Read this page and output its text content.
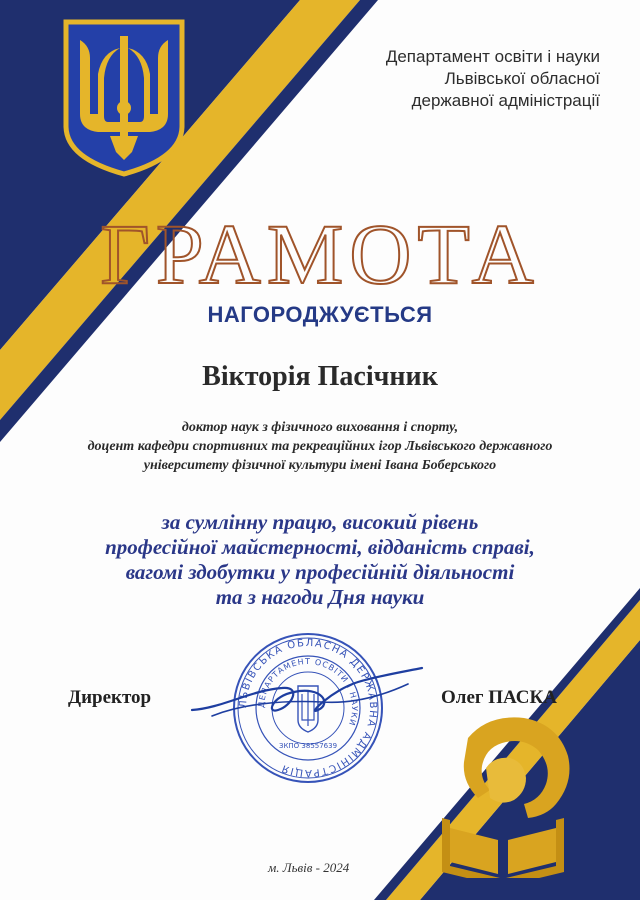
Департамент освіти і науки
Львівської обласної
державної адміністрації
ГРАМОТА
НАГОРОДЖУЄТЬСЯ
Вікторія Пасічник
доктор наук з фізичного виховання і спорту,
доцент кафедри спортивних та рекреаційних ігор Львівського державного
університету фізичної культури імені Івана Боберського
за сумлінну працю, високий рівень
професійної майстерності, відданість справі,
вагомі здобутки у професійній діяльності
та з нагоди Дня науки
ЛЬВІВСЬКА ОБЛАСНА ДЕРЖАВНА АДМІНІСТРАЦІЯ
ДЕПАРТАМЕНТ ОСВІТИ І НАУКИ
ЗКПО 38557639
Директор	Олег ПАСКА
м. Львів - 2024
